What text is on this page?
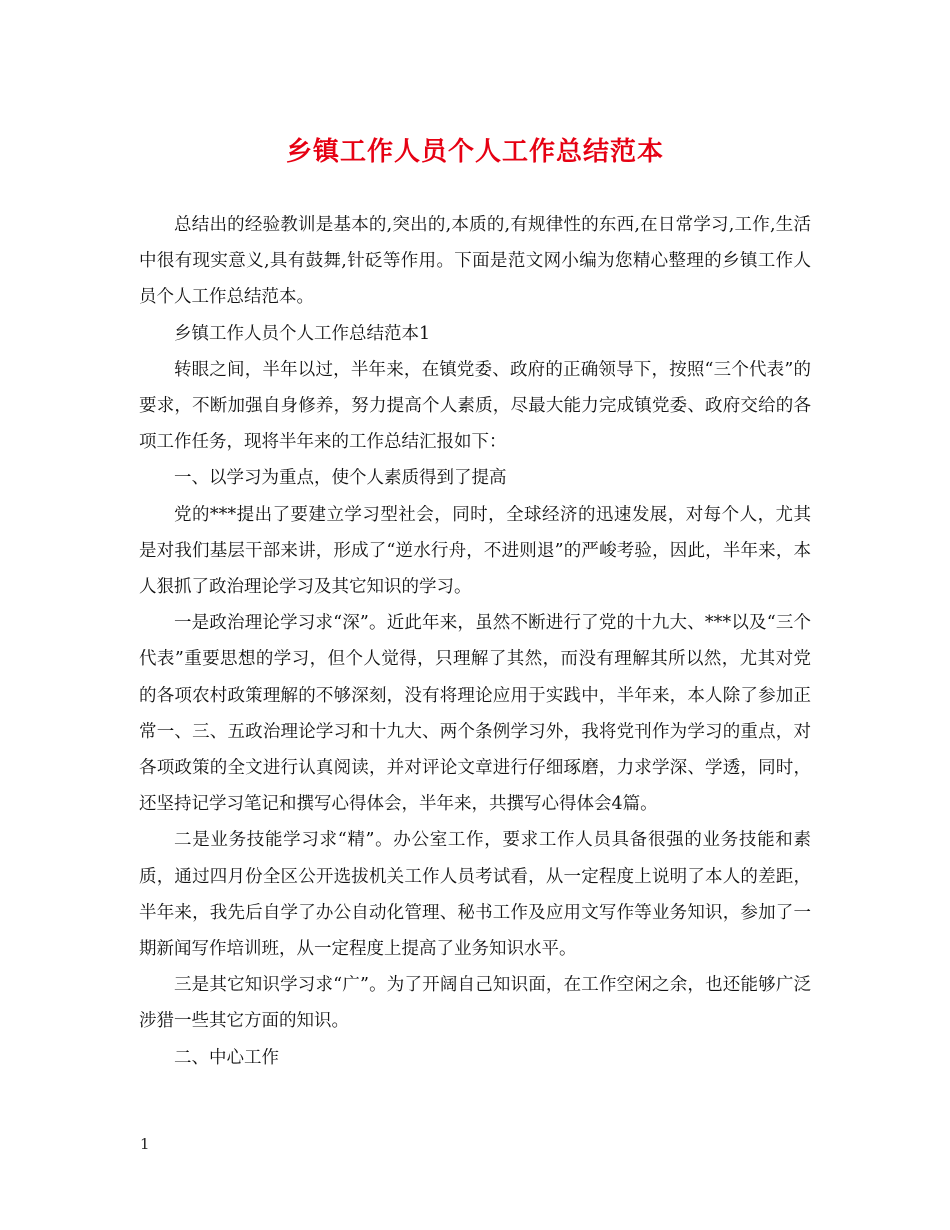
乡镇工作人员个人工作总结范本

总结出的经验教训是基本的,突出的,本质的,有规律性的东西,在日常学习,工作,生活中很有现实意义,具有鼓舞,针砭等作用。下面是范文网小编为您精心整理的乡镇工作人员个人工作总结范本。

乡镇工作人员个人工作总结范本1

转眼之间，半年以过，半年来，在镇党委、政府的正确领导下，按照“三个代表”的要求，不断加强自身修养，努力提高个人素质，尽最大能力完成镇党委、政府交给的各项工作任务，现将半年来的工作总结汇报如下：

一、以学习为重点，使个人素质得到了提高

党的***提出了要建立学习型社会，同时，全球经济的迅速发展，对每个人，尤其是对我们基层干部来讲，形成了“逆水行舟，不进则退”的严峻考验，因此，半年来，本人狠抓了政治理论学习及其它知识的学习。

一是政治理论学习求“深”。近此年来，虽然不断进行了党的十九大、***以及“三个代表”重要思想的学习，但个人觉得，只理解了其然，而没有理解其所以然，尤其对党的各项农村政策理解的不够深刻，没有将理论应用于实践中，半年来，本人除了参加正常一、三、五政治理论学习和十九大、两个条例学习外，我将党刊作为学习的重点，对各项政策的全文进行认真阅读，并对评论文章进行仔细琢磨，力求学深、学透，同时，还坚持记学习笔记和撰写心得体会，半年来，共撰写心得体会4篇。

二是业务技能学习求“精”。办公室工作，要求工作人员具备很强的业务技能和素质，通过四月份全区公开选拔机关工作人员考试看，从一定程度上说明了本人的差距，半年来，我先后自学了办公自动化管理、秘书工作及应用文写作等业务知识，参加了一期新闻写作培训班，从一定程度上提高了业务知识水平。

三是其它知识学习求“广”。为了开阔自己知识面，在工作空闲之余，也还能够广泛涉猎一些其它方面的知识。

二、中心工作

1
